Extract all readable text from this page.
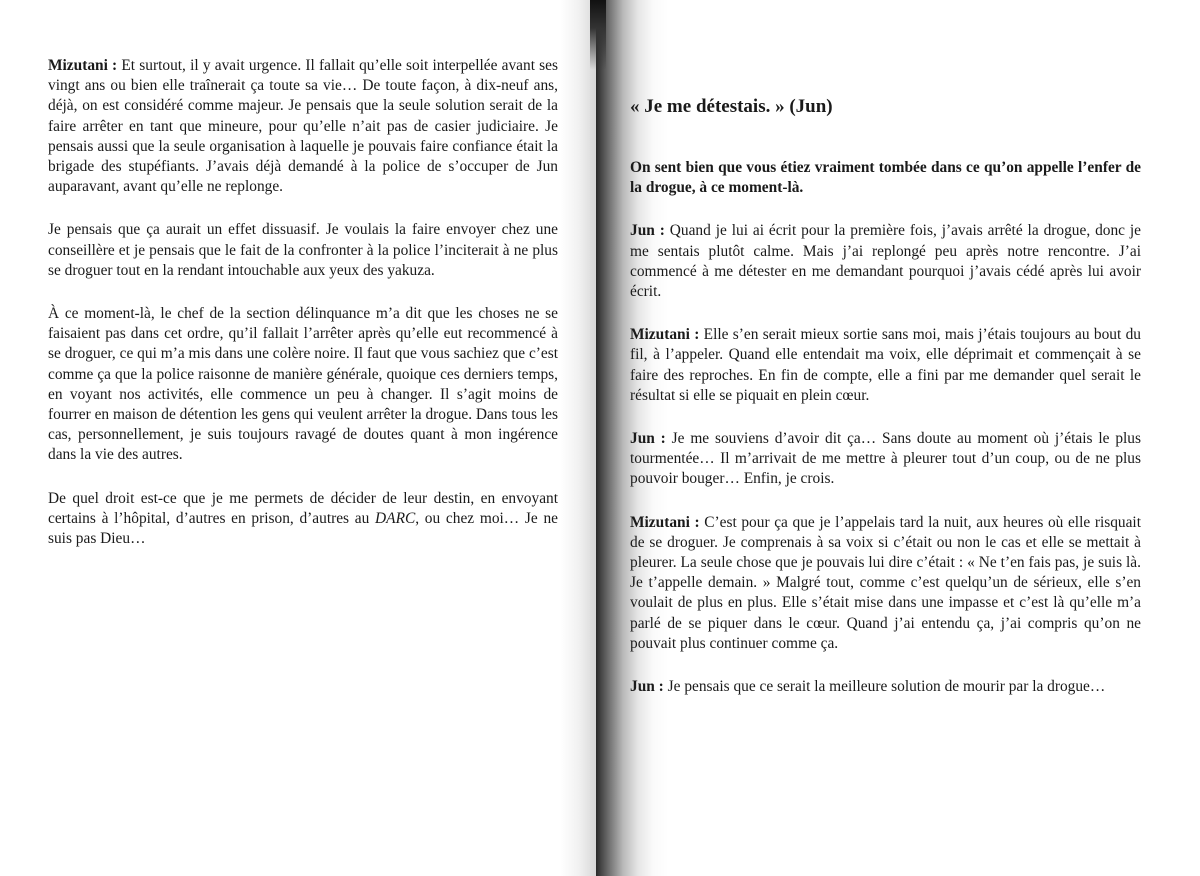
Mizutani : Et surtout, il y avait urgence. Il fallait qu’elle soit interpellée avant ses vingt ans ou bien elle traînerait ça toute sa vie… De toute façon, à dix-neuf ans, déjà, on est considéré comme majeur. Je pensais que la seule solution serait de la faire arrêter en tant que mineure, pour qu’elle n’ait pas de casier judiciaire. Je pensais aussi que la seule organisation à laquelle je pouvais faire confiance était la brigade des stupéfiants. J’avais déjà demandé à la police de s’occuper de Jun auparavant, avant qu’elle ne replonge.

Je pensais que ça aurait un effet dissuasif. Je voulais la faire envoyer chez une conseillère et je pensais que le fait de la confronter à la police l’inciterait à ne plus se droguer tout en la rendant intouchable aux yeux des yakuza.

À ce moment-là, le chef de la section délinquance m’a dit que les choses ne se faisaient pas dans cet ordre, qu’il fallait l’arrêter après qu’elle eut recommencé à se droguer, ce qui m’a mis dans une colère noire. Il faut que vous sachiez que c’est comme ça que la police raisonne de manière générale, quoique ces derniers temps, en voyant nos activités, elle commence un peu à changer. Il s’agit moins de fourrer en maison de détention les gens qui veulent arrêter la drogue. Dans tous les cas, personnellement, je suis toujours ravagé de doutes quant à mon ingérence dans la vie des autres.

De quel droit est-ce que je me permets de décider de leur destin, en envoyant certains à l’hôpital, d’autres en prison, d’autres au DARC, ou chez moi… Je ne suis pas Dieu…

« Je me détestais. » (Jun)

On sent bien que vous étiez vraiment tombée dans ce qu’on appelle l’enfer de la drogue, à ce moment-là.

Jun : Quand je lui ai écrit pour la première fois, j’avais arrêté la drogue, donc je me sentais plutôt calme. Mais j’ai replongé peu après notre rencontre. J’ai commencé à me détester en me demandant pourquoi j’avais cédé après lui avoir écrit.

Mizutani : Elle s’en serait mieux sortie sans moi, mais j’étais toujours au bout du fil, à l’appeler. Quand elle entendait ma voix, elle déprimait et commençait à se faire des reproches. En fin de compte, elle a fini par me demander quel serait le résultat si elle se piquait en plein cœur.

Jun : Je me souviens d’avoir dit ça… Sans doute au moment où j’étais le plus tourmentée… Il m’arrivait de me mettre à pleurer tout d’un coup, ou de ne plus pouvoir bouger… Enfin, je crois.

Mizutani : C’est pour ça que je l’appelais tard la nuit, aux heures où elle risquait de se droguer. Je comprenais à sa voix si c’était ou non le cas et elle se mettait à pleurer. La seule chose que je pouvais lui dire c’était : « Ne t’en fais pas, je suis là. Je t’appelle demain. » Malgré tout, comme c’est quelqu’un de sérieux, elle s’en voulait de plus en plus. Elle s’était mise dans une impasse et c’est là qu’elle m’a parlé de se piquer dans le cœur. Quand j’ai entendu ça, j’ai compris qu’on ne pouvait plus continuer comme ça.

Jun : Je pensais que ce serait la meilleure solution de mourir par la drogue…
